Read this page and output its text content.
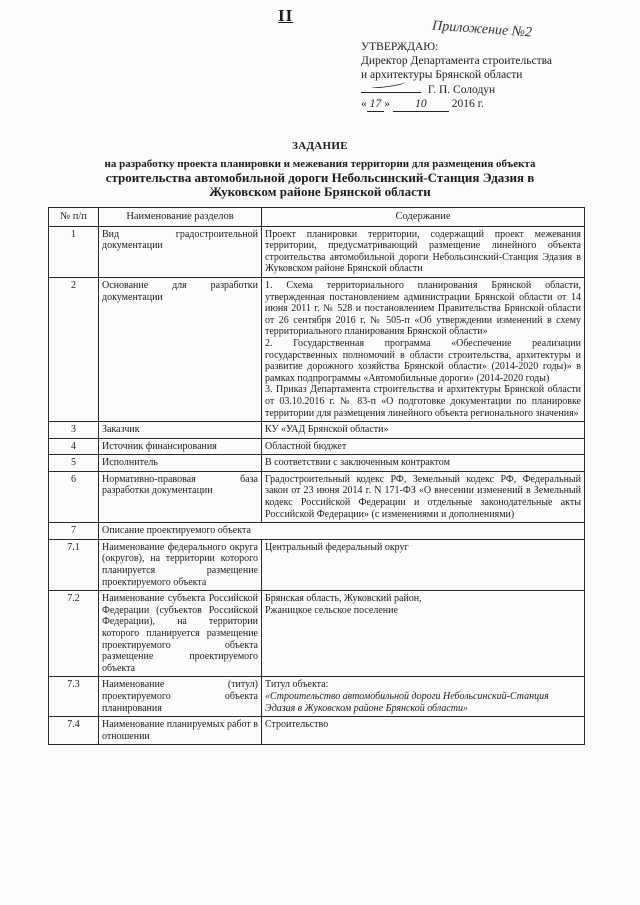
II
Приложение №2
УТВЕРЖДАЮ:
Директор Департамента строительства
и архитектуры Брянской области
Г. П. Солодун
« 17 » 10 2016 г.
ЗАДАНИЕ
на разработку проекта планировки и межевания территории для размещения объекта
строительства автомобильной дороги Небольсинский-Станция Эдазия в
Жуковском районе Брянской области
№ п/п	Наименование разделов	Содержание
1	Вид градостроительной документации	Проект планировки территории, содержащий проект межевания территории, предусматривающий размещение линейного объекта строительства автомобильной дороги Небольсинский-Станция Эдазия в Жуковском районе Брянской области
2	Основание для разработки документации	1. Схема территориального планирования Брянской области, утвержденная постановлением администрации Брянской области от 14 июня 2011 г. № 528 и постановлением Правительства Брянской области от 26 сентября 2016 г. № 505-п «Об утверждении изменений в схему территориального планирования Брянской области»
2. Государственная программа «Обеспечение реализации государственных полномочий в области строительства, архитектуры и развитие дорожного хозяйства Брянской области» (2014-2020 годы)» в рамках подпрограммы «Автомобильные дороги» (2014-2020 годы)
3. Приказ Департамента строительства и архитектуры Брянской области от 03.10.2016 г. № 83-п «О подготовке документации по планировке территории для размещения линейного объекта регионального значения»

3	Заказчик	КУ «УАД Брянской области»
4	Источник финансирования	Областной бюджет
5	Исполнитель	В соответствии с заключенным контрактом
6	Нормативно-правовая база разработки документации	Градостроительный кодекс РФ, Земельный кодекс РФ, Федеральный закон от 23 июня 2014 г. N 171-ФЗ «О внесении изменений в Земельный кодекс Российской Федерации и отдельные законодательные акты Российской Федерации» (с изменениями и дополнениями)
7	Описание проектируемого объекта	
7.1	Наименование федерального округа (округов), на территории которого планируется размещение проектируемого объекта	Центральный федеральный округ
7.2	Наименование субъекта Российской Федерации (субъектов Российской Федерации), на территории которого планируется размещение проектируемого объекта размещение проектируемого объекта	Брянская область, Жуковский район,
Ржаницкое сельское поселение

7.3	Наименование (титул) проектируемого объекта планирования	Титул объекта:
«Строительство автомобильной дороги Небольсинский-Станция Эдазия в Жуковском районе Брянской области»

7.4	Наименование планируемых работ в отношении	Строительство
